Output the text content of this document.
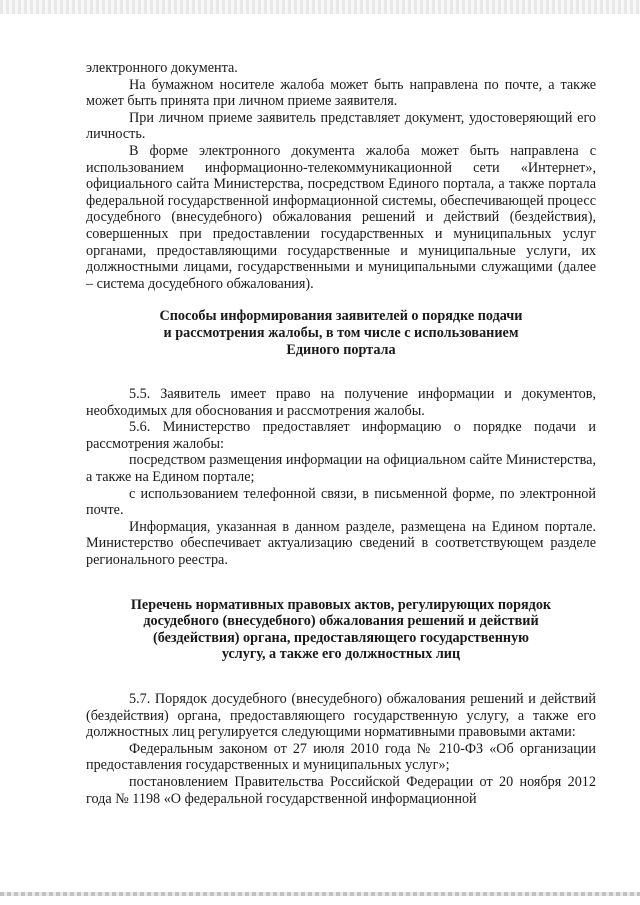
электронного документа.

На бумажном носителе жалоба может быть направлена по почте, а также может быть принята при личном приеме заявителя.

При личном приеме заявитель представляет документ, удостоверяющий его личность.

В форме электронного документа жалоба может быть направлена с использованием информационно-телекоммуникационной сети «Интернет», официального сайта Министерства, посредством Единого портала, а также портала федеральной государственной информационной системы, обеспечивающей процесс досудебного (внесудебного) обжалования решений и действий (бездействия), совершенных при предоставлении государственных и муниципальных услуг органами, предоставляющими государственные и муниципальные услуги, их должностными лицами, государственными и муниципальными служащими (далее – система досудебного обжалования).

Способы информирования заявителей о порядке подачи
и рассмотрения жалобы, в том числе с использованием
Единого портала

5.5. Заявитель имеет право на получение информации и документов, необходимых для обоснования и рассмотрения жалобы.

5.6. Министерство предоставляет информацию о порядке подачи и рассмотрения жалобы:

посредством размещения информации на официальном сайте Министерства, а также на Едином портале;

с использованием телефонной связи, в письменной форме, по электронной почте.

Информация, указанная в данном разделе, размещена на Едином портале. Министерство обеспечивает актуализацию сведений в соответствующем разделе регионального реестра.

Перечень нормативных правовых актов, регулирующих порядок
досудебного (внесудебного) обжалования решений и действий
(бездействия) органа, предоставляющего государственную
услугу, а также его должностных лиц

5.7. Порядок досудебного (внесудебного) обжалования решений и действий (бездействия) органа, предоставляющего государственную услугу, а также его должностных лиц регулируется следующими нормативными правовыми актами:

Федеральным законом от 27 июля 2010 года № 210-ФЗ «Об организации предоставления государственных и муниципальных услуг»;

постановлением Правительства Российской Федерации от 20 ноября 2012 года № 1198 «О федеральной государственной информационной
